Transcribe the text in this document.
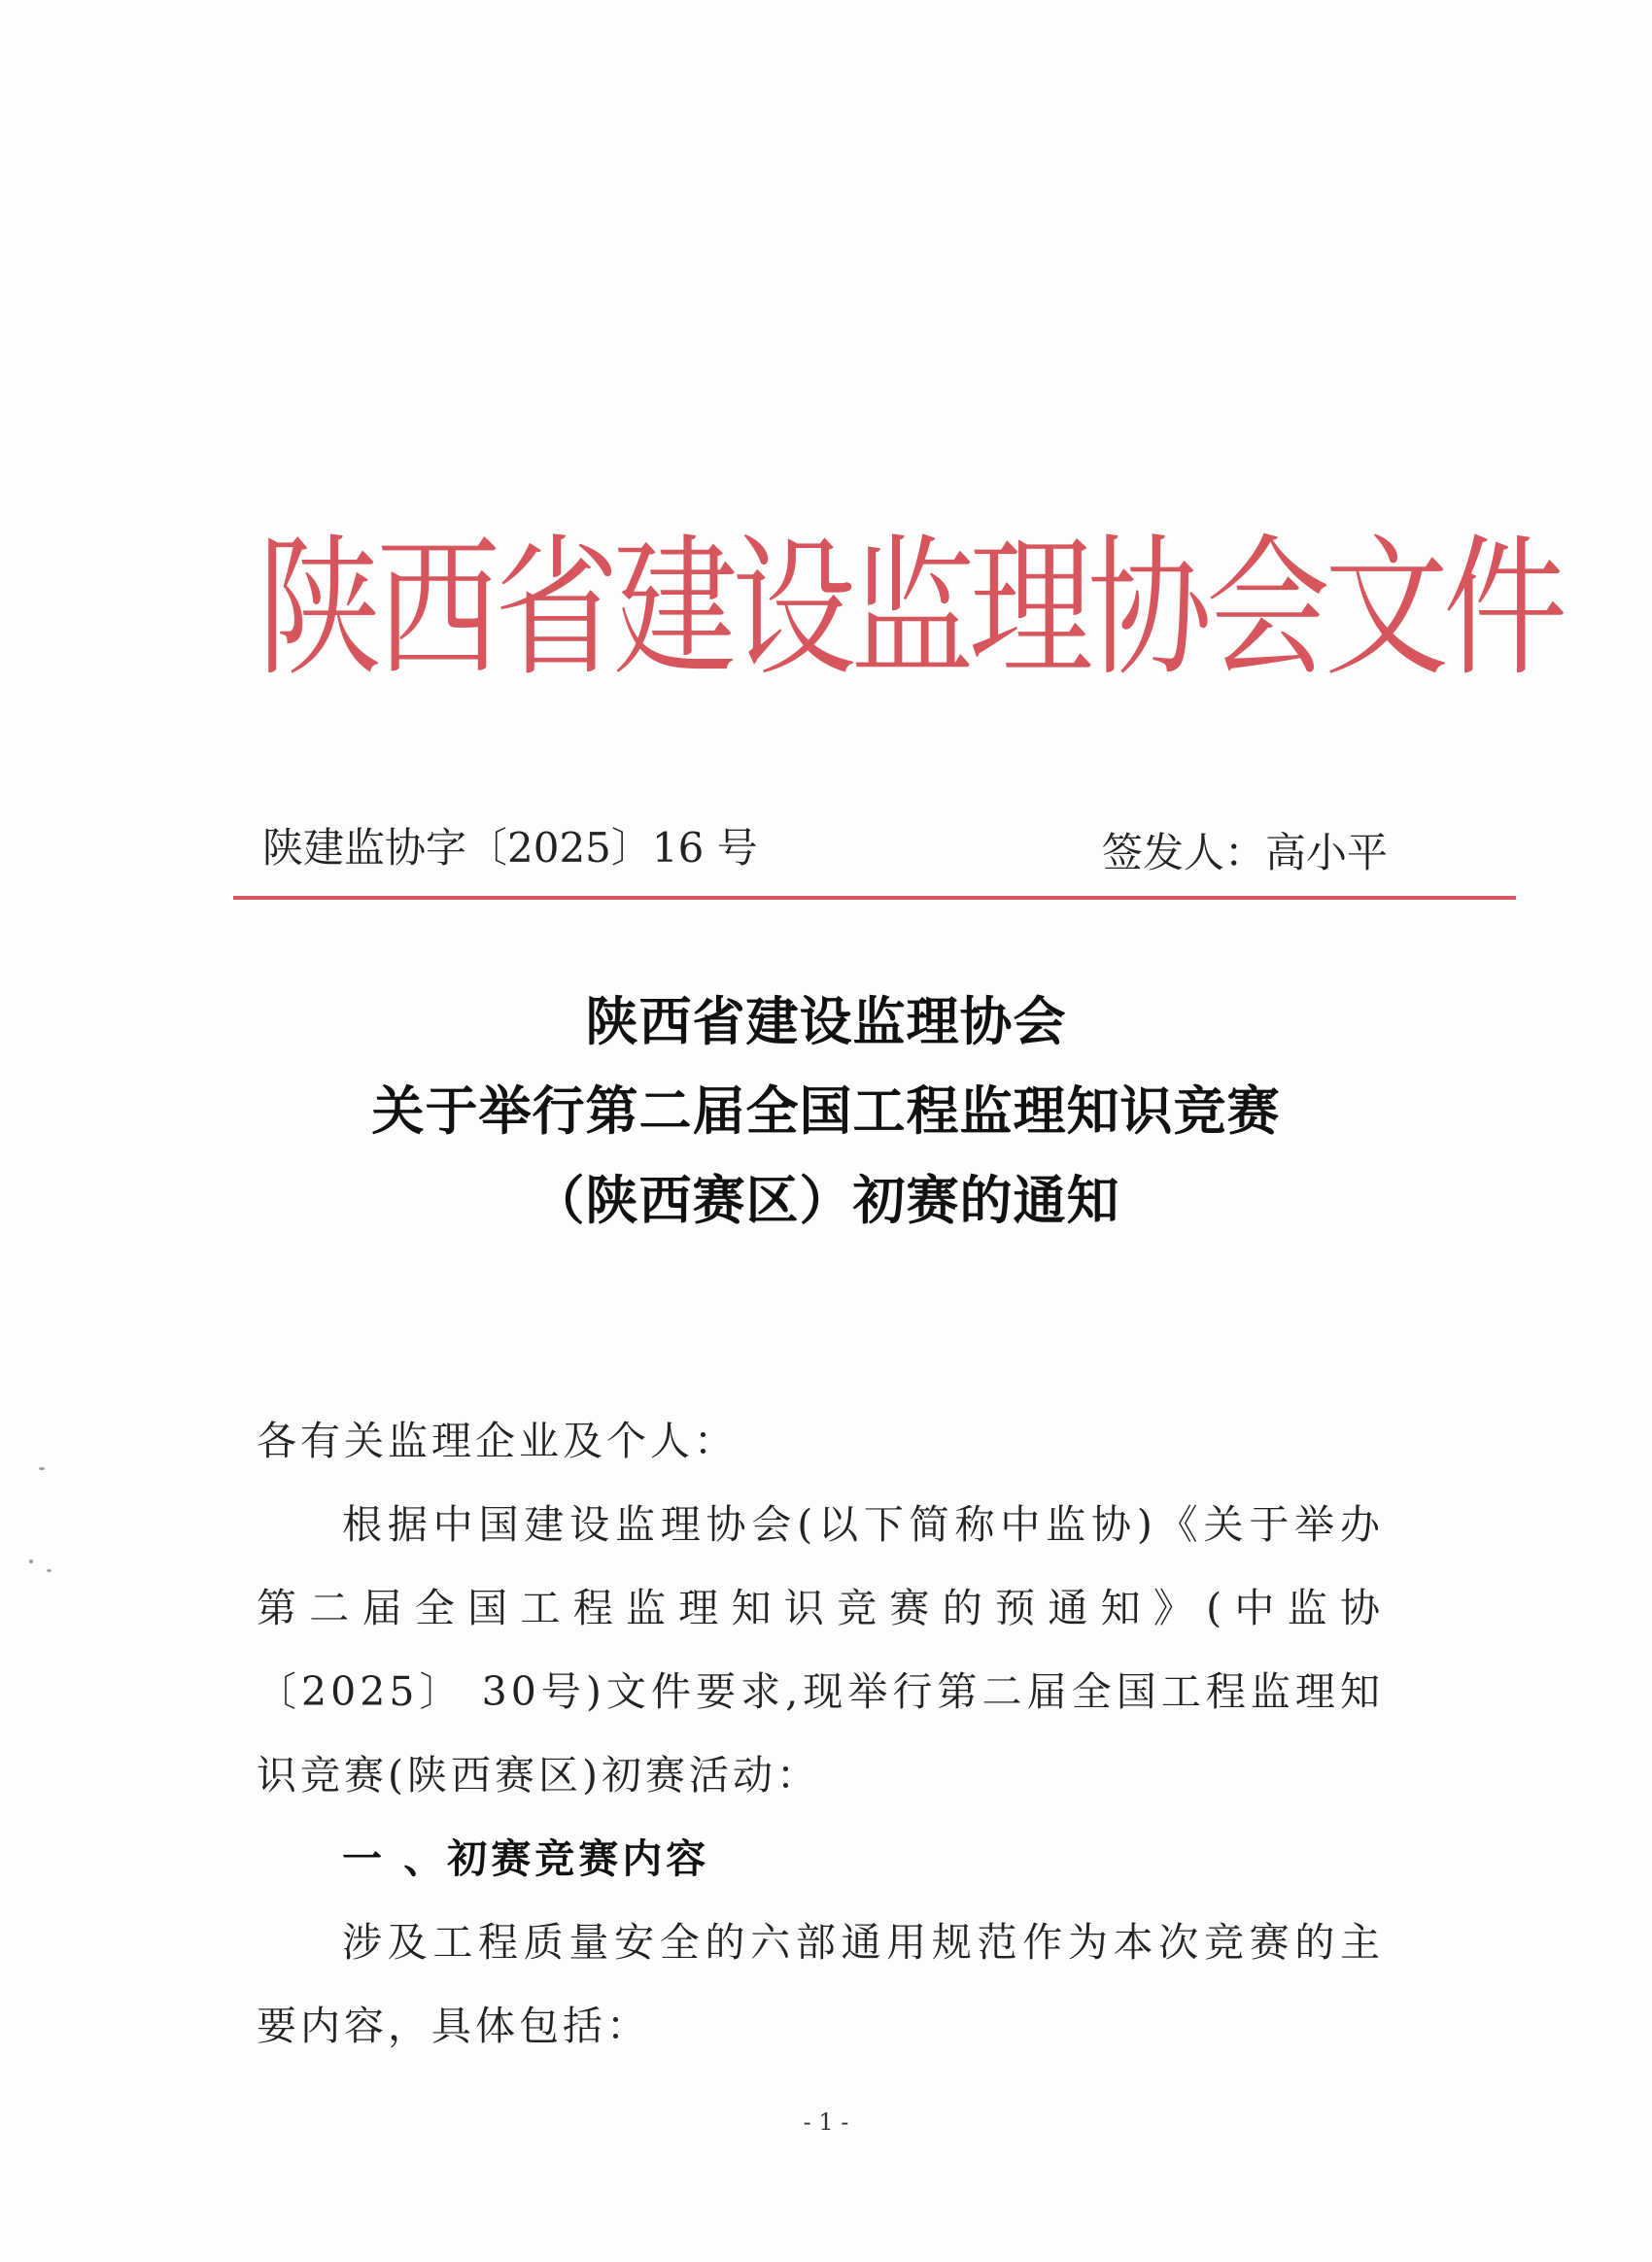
陕西省建设监理协会文件
陕建监协字〔2025〕16 号	签发人：高小平
陕西省建设监理协会
关于举行第二届全国工程监理知识竞赛
（陕西赛区）初赛的通知

各有关监理企业及个人：

根据中国建设监理协会(以下简称中监协)《关于举办第二届全国工程监理知识竞赛的预通知》(中监协〔2025〕 30号)文件要求,现举行第二届全国工程监理知识竞赛(陕西赛区)初赛活动：

一 、初赛竞赛内容

涉及工程质量安全的六部通用规范作为本次竞赛的主要内容，具体包括：

- 1 -
